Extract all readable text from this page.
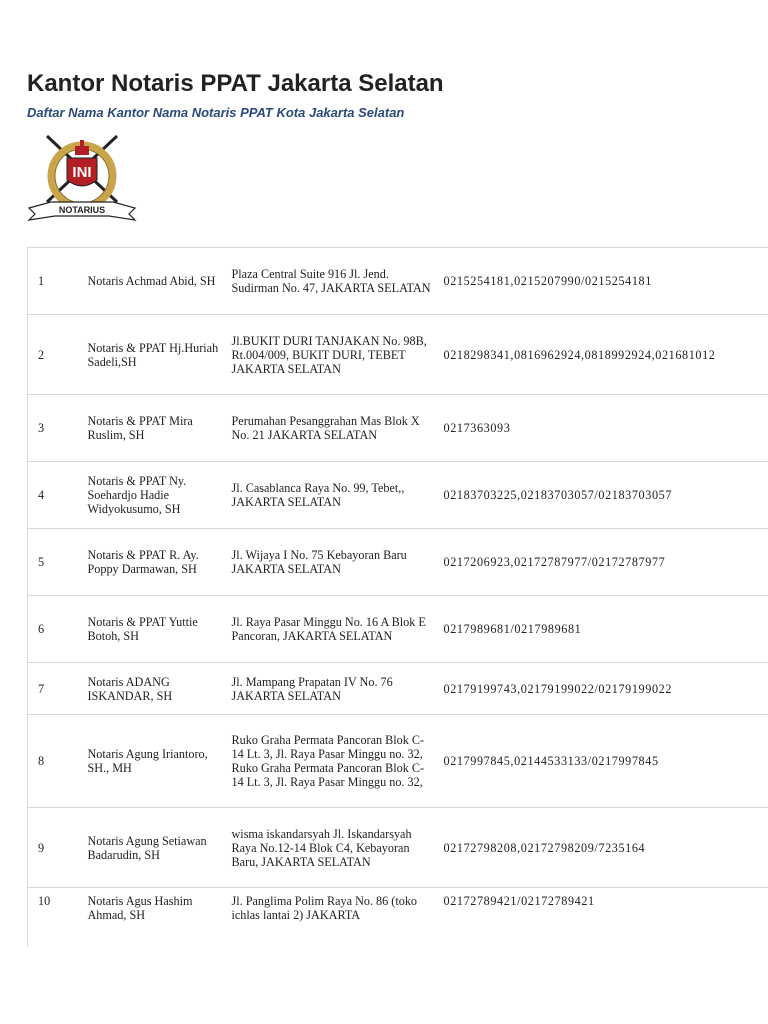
Kantor Notaris PPAT Jakarta Selatan
Daftar Nama Kantor Nama Notaris PPAT Kota Jakarta Selatan
INI
NOTARIUS
1	Notaris Achmad Abid, SH	Plaza Central Suite 916 Jl. Jend. Sudirman No. 47, JAKARTA SELATAN	0215254181,0215207990/0215254181
2	Notaris & PPAT Hj.Huriah Sadeli,SH	Jl.BUKIT DURI TANJAKAN No. 98B, Rt.004/009, BUKIT DURI, TEBET JAKARTA SELATAN	0218298341,0816962924,0818992924,021681012
3	Notaris & PPAT Mira Ruslim, SH	Perumahan Pesanggrahan Mas Blok X No. 21 JAKARTA SELATAN	0217363093
4	Notaris & PPAT Ny. Soehardjo Hadie Widyokusumo, SH	Jl. Casablanca Raya No. 99, Tebet,, JAKARTA SELATAN	02183703225,02183703057/02183703057
5	Notaris & PPAT R. Ay. Poppy Darmawan, SH	Jl. Wijaya I No. 75 Kebayoran Baru JAKARTA SELATAN	0217206923,02172787977/02172787977
6	Notaris & PPAT Yuttie Botoh, SH	Jl. Raya Pasar Minggu No. 16 A Blok E Pancoran, JAKARTA SELATAN	0217989681/0217989681
7	Notaris ADANG ISKANDAR, SH	Jl. Mampang Prapatan IV No. 76 JAKARTA SELATAN	02179199743,02179199022/02179199022
8	Notaris Agung Iriantoro, SH., MH	Ruko Graha Permata Pancoran Blok C-14 Lt. 3, Jl. Raya Pasar Minggu no. 32, Ruko Graha Permata Pancoran Blok C-14 Lt. 3, Jl. Raya Pasar Minggu no. 32,	0217997845,02144533133/0217997845
9	Notaris Agung Setiawan Badarudin, SH	wisma iskandarsyah Jl. Iskandarsyah Raya No.12-14 Blok C4, Kebayoran Baru, JAKARTA SELATAN	02172798208,02172798209/7235164
10	Notaris Agus Hashim Ahmad, SH	Jl. Panglima Polim Raya No. 86 (toko ichlas lantai 2) JAKARTA	02172789421/02172789421
